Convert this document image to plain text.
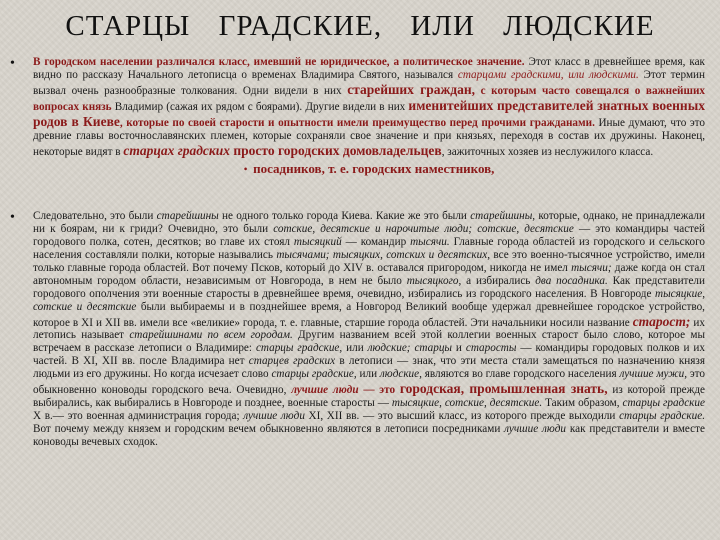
СТАРЦЫ ГРАДСКИЕ, ИЛИ ЛЮДСКИЕ
• В городском населении различался класс, имевший не юридическое, а политическое значение. Этот класс в древнейшее время, как видно по рассказу Начального летописца о временах Владимира Святого, назывался старцами градскими, или людскими. Этот термин вызвал очень разнообразные толкования. Одни видели в них старейших граждан, с которым часто совещался о важнейших вопросах князь Владимир (сажая их рядом с боярами). Другие видели в них именитейших представителей знатных военных родов в Киеве, которые по своей старости и опытности имели преимущество перед прочими гражданами. Иные думают, что это древние главы восточнославянских племен, которые сохраняли свое значение и при князьях, переходя в состав их дружины. Наконец, некоторые видят в старцах градских просто городских домовладельцев, зажиточных хозяев из неслужилого класса.
• посадников, т. е. городских наместников,

• Следовательно, это были старейшины не одного только города Киева. Какие же это были старейшины, которые, однако, не принадлежали ни к боярам, ни к гриди? Очевидно, это были сотские, десятские и нарочитые люди; сотские, десятские — это командиры частей городового полка, сотен, десятков; во главе их стоял тысяцкий — командир тысячи. Главные города областей из городского и сельского населения составляли полки, которые назывались тысячами; тысяцких, сотских и десятских, все это военно-тысячное устройство, имели только главные города областей. Вот почему Псков, который до XIV в. оставался пригородом, никогда не имел тысячи; даже когда он стал автономным городом области, независимым от Новгорода, в нем не было тысяцкого, а избирались два посадника. Как представители городового ополчения эти военные старосты в древнейшее время, очевидно, избирались из городского населения. В Новгороде тысяцкие, сотские и десятские были выбираемы и в позднейшее время, а Новгород Великий вообще удержал древнейшее городское устройство, которое в XI и XII вв. имели все «великие» города, т. е. главные, старшие города областей. Эти начальники носили название старост; их летопись называет старейшинами по всем городам. Другим названием всей этой коллегии военных старост было слово, которое мы встречаем в рассказе летописи о Владимире: старцы градские, или людские; старцы и старосты — командиры городовых полков и их частей. В XI, XII вв. после Владимира нет старцев градских в летописи — знак, что эти места стали замещаться по назначению князя людьми из его дружины. Но когда исчезает слово старцы градские, или людские, являются во главе городского населения лучшие мужи, это обыкновенно коноводы городского веча. Очевидно, лучшие люди — это городская, промышленная знать, из которой прежде выбирались, как выбирались в Новгороде и позднее, военные старосты — тысяцкие, сотские, десятские. Таким образом, старцы градские X в.— это военная администрация города; лучшие люди XI, XII вв. — это высший класс, из которого прежде выходили старцы градские. Вот почему между князем и городским вечем обыкновенно являются в летописи посредниками лучшие люди как представители и вместе коноводы вечевых сходок.
